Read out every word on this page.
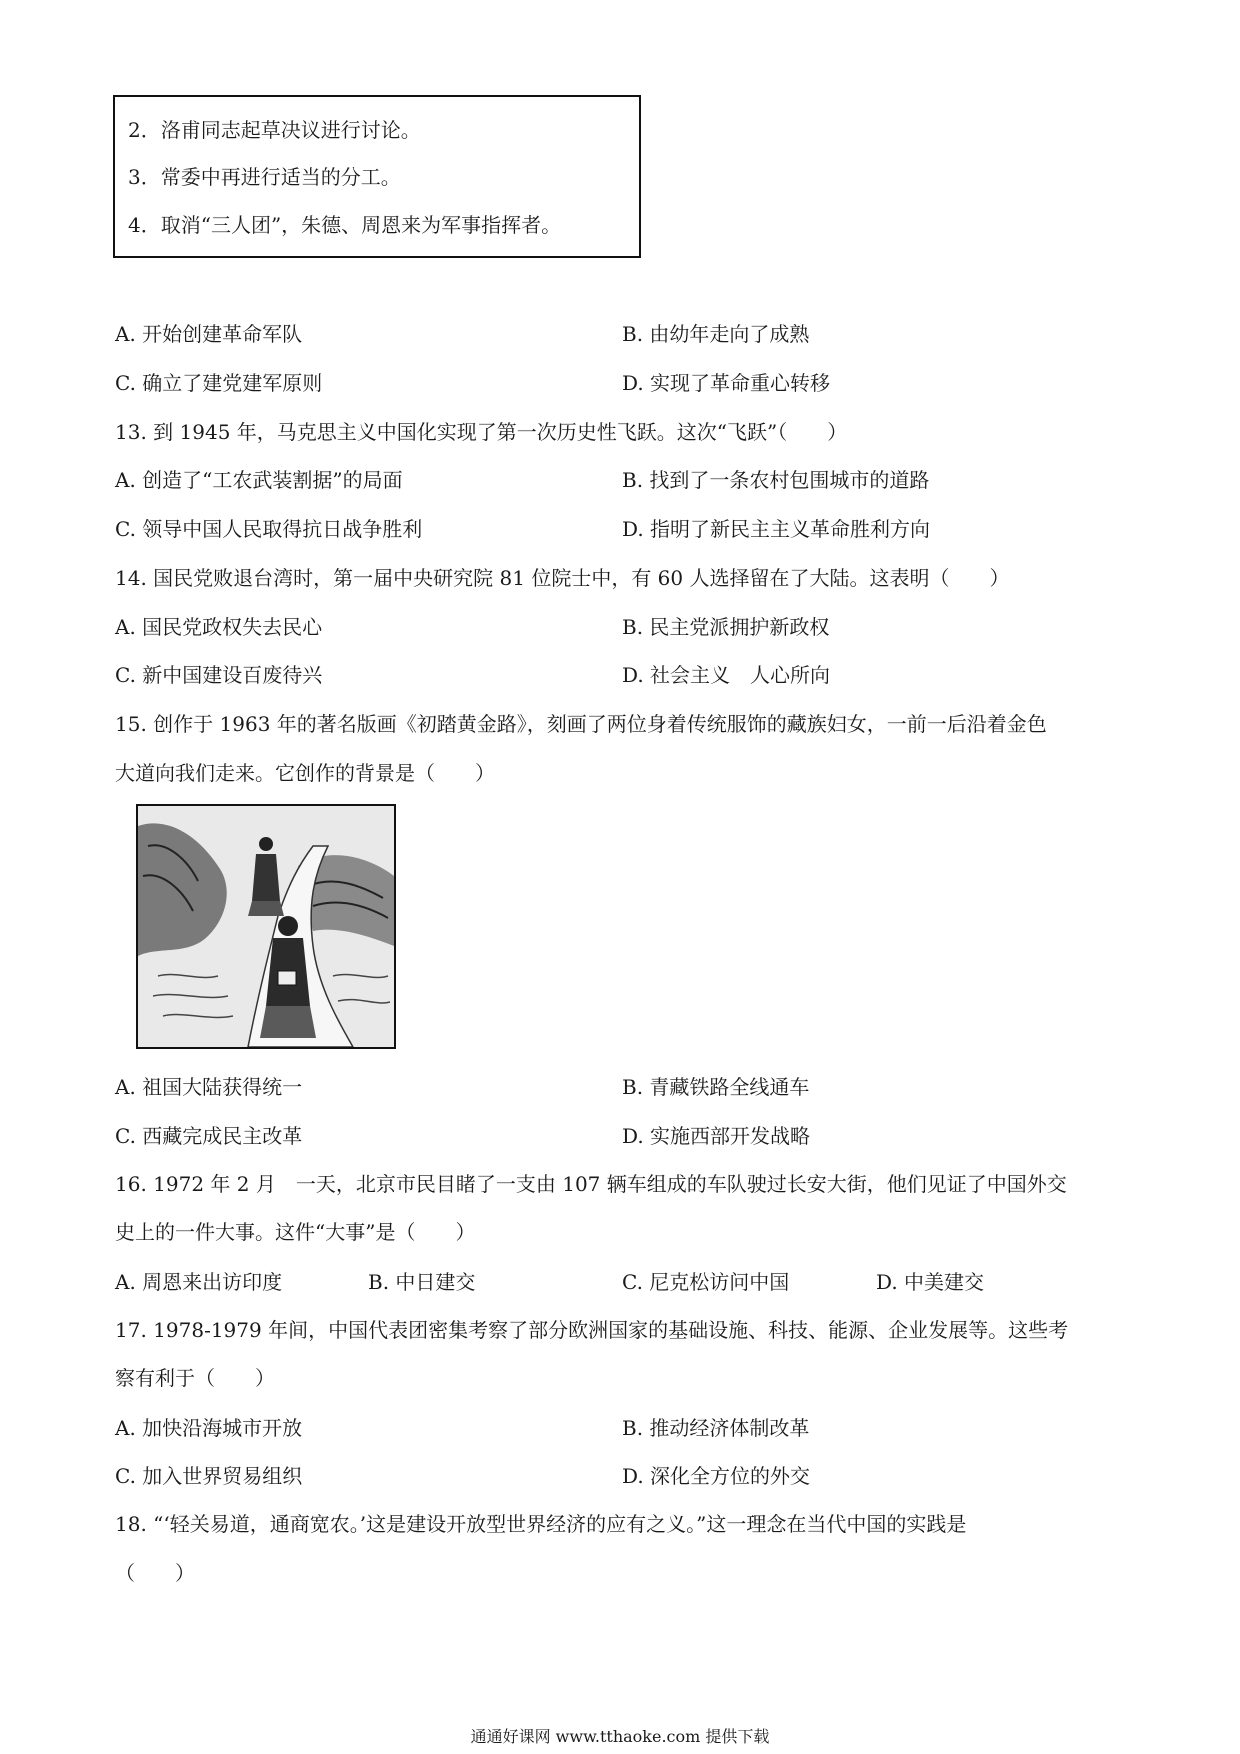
2．洛甫同志起草决议进行讨论。
3．常委中再进行适当的分工。
4．取消“三人团”，朱德、周恩来为军事指挥者。
A. 开始创建革命军队	B. 由幼年走向了成熟
C. 确立了建党建军原则	D. 实现了革命重心转移
13. 到 1945 年，马克思主义中国化实现了第一次历史性飞跃。这次“飞跃”（　　）
A. 创造了“工农武装割据”的局面	B. 找到了一条农村包围城市的道路
C. 领导中国人民取得抗日战争胜利	D. 指明了新民主主义革命胜利方向
14. 国民党败退台湾时，第一届中央研究院 81 位院士中，有 60 人选择留在了大陆。这表明（　　）
A. 国民党政权失去民心	B. 民主党派拥护新政权
C. 新中国建设百废待兴	D. 社会主义　人心所向
15. 创作于 1963 年的著名版画《初踏黄金路》，刻画了两位身着传统服饰的藏族妇女，一前一后沿着金色
大道向我们走来。它创作的背景是（　　）
A. 祖国大陆获得统一	B. 青藏铁路全线通车
C. 西藏完成民主改革	D. 实施西部开发战略
16. 1972 年 2 月　一天，北京市民目睹了一支由 107 辆车组成的车队驶过长安大街，他们见证了中国外交
史上的一件大事。这件“大事”是（　　）
A. 周恩来出访印度	B. 中日建交	C. 尼克松访问中国	D. 中美建交
17. 1978-1979 年间，中国代表团密集考察了部分欧洲国家的基础设施、科技、能源、企业发展等。这些考
察有利于（　　）
A. 加快沿海城市开放	B. 推动经济体制改革
C. 加入世界贸易组织	D. 深化全方位的外交
18. “‘轻关易道，通商宽农。’这是建设开放型世界经济的应有之义。”这一理念在当代中国的实践是
（　　）
通通好课网 www.tthaoke.com 提供下载
